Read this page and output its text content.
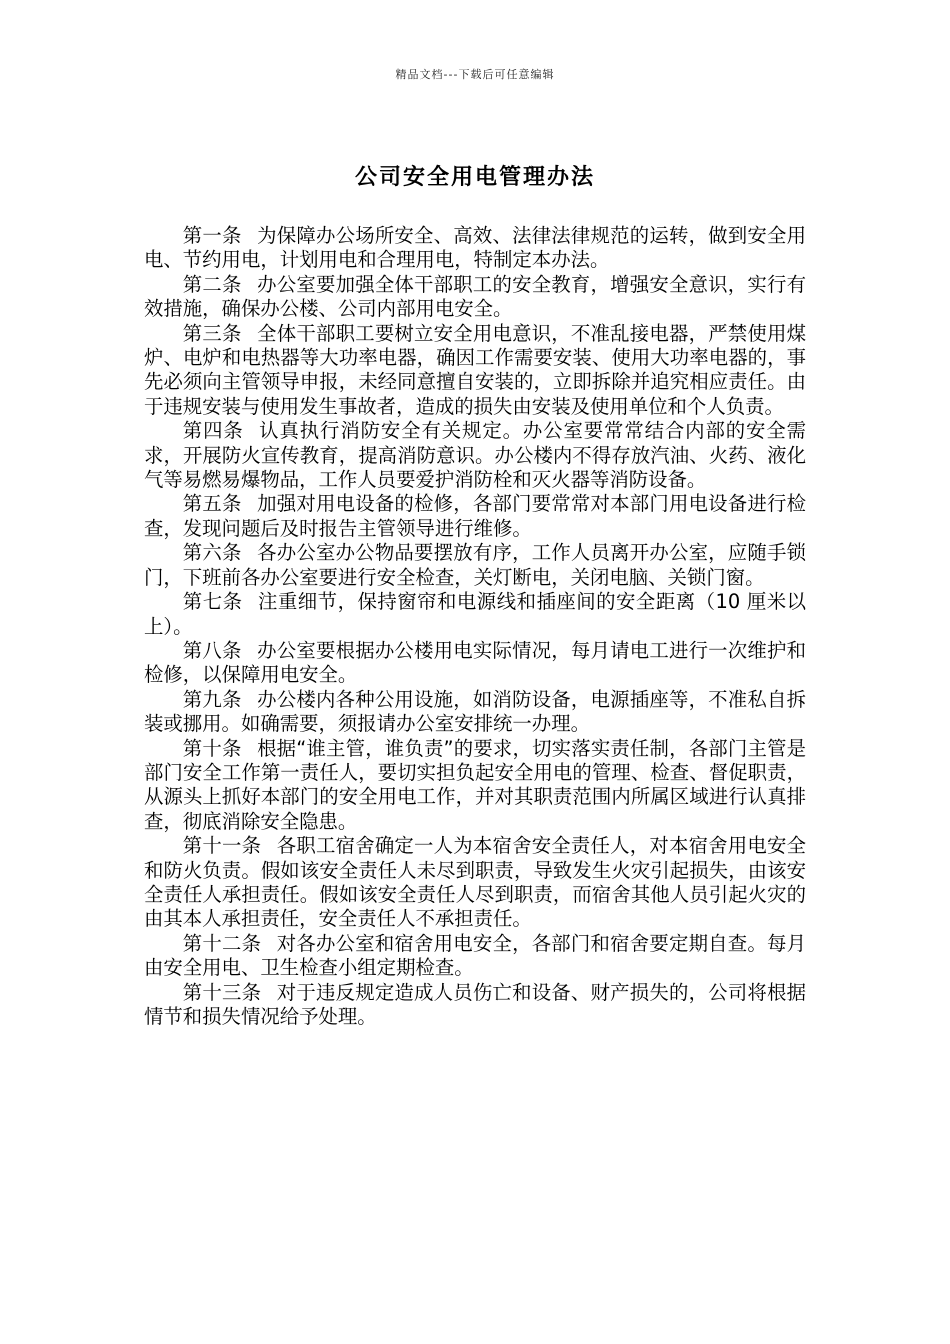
精品文档---下载后可任意编辑
公司安全用电管理办法

第一条 为保障办公场所安全、高效、法律法律规范的运转，做到安全用电、节约用电，计划用电和合理用电，特制定本办法。

第二条 办公室要加强全体干部职工的安全教育，增强安全意识，实行有效措施，确保办公楼、公司内部用电安全。

第三条 全体干部职工要树立安全用电意识，不准乱接电器，严禁使用煤炉、电炉和电热器等大功率电器，确因工作需要安装、使用大功率电器的，事先必须向主管领导申报，未经同意擅自安装的，立即拆除并追究相应责任。由于违规安装与使用发生事故者，造成的损失由安装及使用单位和个人负责。

第四条 认真执行消防安全有关规定。办公室要常常结合内部的安全需求，开展防火宣传教育，提高消防意识。办公楼内不得存放汽油、火药、液化气等易燃易爆物品，工作人员要爱护消防栓和灭火器等消防设备。

第五条 加强对用电设备的检修，各部门要常常对本部门用电设备进行检查，发现问题后及时报告主管领导进行维修。

第六条 各办公室办公物品要摆放有序，工作人员离开办公室，应随手锁门，下班前各办公室要进行安全检查，关灯断电，关闭电脑、关锁门窗。

第七条 注重细节，保持窗帘和电源线和插座间的安全距离（10 厘米以上）。

第八条 办公室要根据办公楼用电实际情况，每月请电工进行一次维护和检修，以保障用电安全。

第九条 办公楼内各种公用设施，如消防设备，电源插座等，不准私自拆装或挪用。如确需要，须报请办公室安排统一办理。

第十条 根据“谁主管，谁负责”的要求，切实落实责任制，各部门主管是部门安全工作第一责任人，要切实担负起安全用电的管理、检查、督促职责，从源头上抓好本部门的安全用电工作，并对其职责范围内所属区域进行认真排查，彻底消除安全隐患。

第十一条 各职工宿舍确定一人为本宿舍安全责任人，对本宿舍用电安全和防火负责。假如该安全责任人未尽到职责，导致发生火灾引起损失，由该安全责任人承担责任。假如该安全责任人尽到职责，而宿舍其他人员引起火灾的由其本人承担责任，安全责任人不承担责任。

第十二条 对各办公室和宿舍用电安全，各部门和宿舍要定期自查。每月由安全用电、卫生检查小组定期检查。

第十三条 对于违反规定造成人员伤亡和设备、财产损失的，公司将根据情节和损失情况给予处理。
